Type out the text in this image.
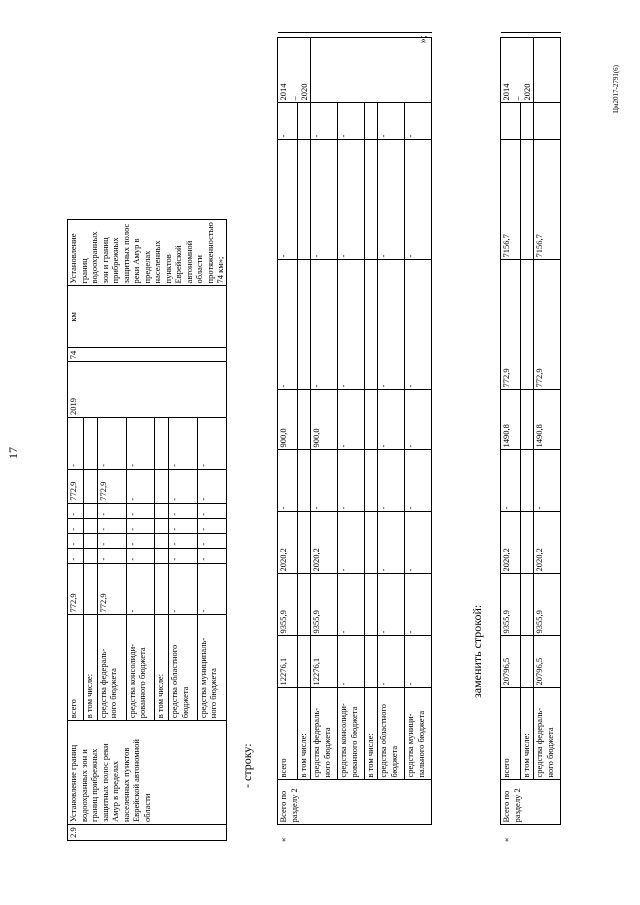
17
Цм2017-2791(6)
2.9	Установление границ водоохранных зон и границ прибрежных защитных полос реки Амур в пределах населенных пунктов Еврейской автономной области	всего	772,9	-	-	-	-	772,9	-	2019	74	км	Установление границ водоохранных зон и границ прибрежных защитных полос реки Амур в пределах населенных пунктов Еврейской автономной области протяженностью 74 км»;
		в том числе:											
		средства федераль-
ного бюджета	772,9	-	-	-	-	772,9	-				
		средства консолиди-
рованного бюджета	-	-	-	-	-	-	-				
		в том числе:											
		средства областного
бюджета	-	-	-	-	-	-	-				
		средства муниципаль-
ного бюджета	-	-	-	-	-	-	-				
- строку:
«	Всего по разделу 2	всего	12276,1	9355,9	2020,2	-	900,0	-	-	-	2014
–
2020	»;

		в том числе:										
		средства федераль-
ного бюджета	12276,1	9355,9	2020,2	-	900,0	-	-	-		
		средства консолиди-
рованного бюджета	-	-	-	-	-	-	-	-		
		в том числе:										
		средства областного
бюджета	-	-	-	-	-	-	-	-		
		средства муници-
пального бюджета	-	-	-	-	-	-	-	-		
заменить строкой:
«	Всего по разделу 2	всего	20796,5	9355,9	2020,2	-	1490,8	772,9	7156,7		2014
–
2020	
		в том числе:										
		средства федераль-
ного бюджета	20796,5	9355,9	2020,2	-	1490,8	772,9	7156,7			
